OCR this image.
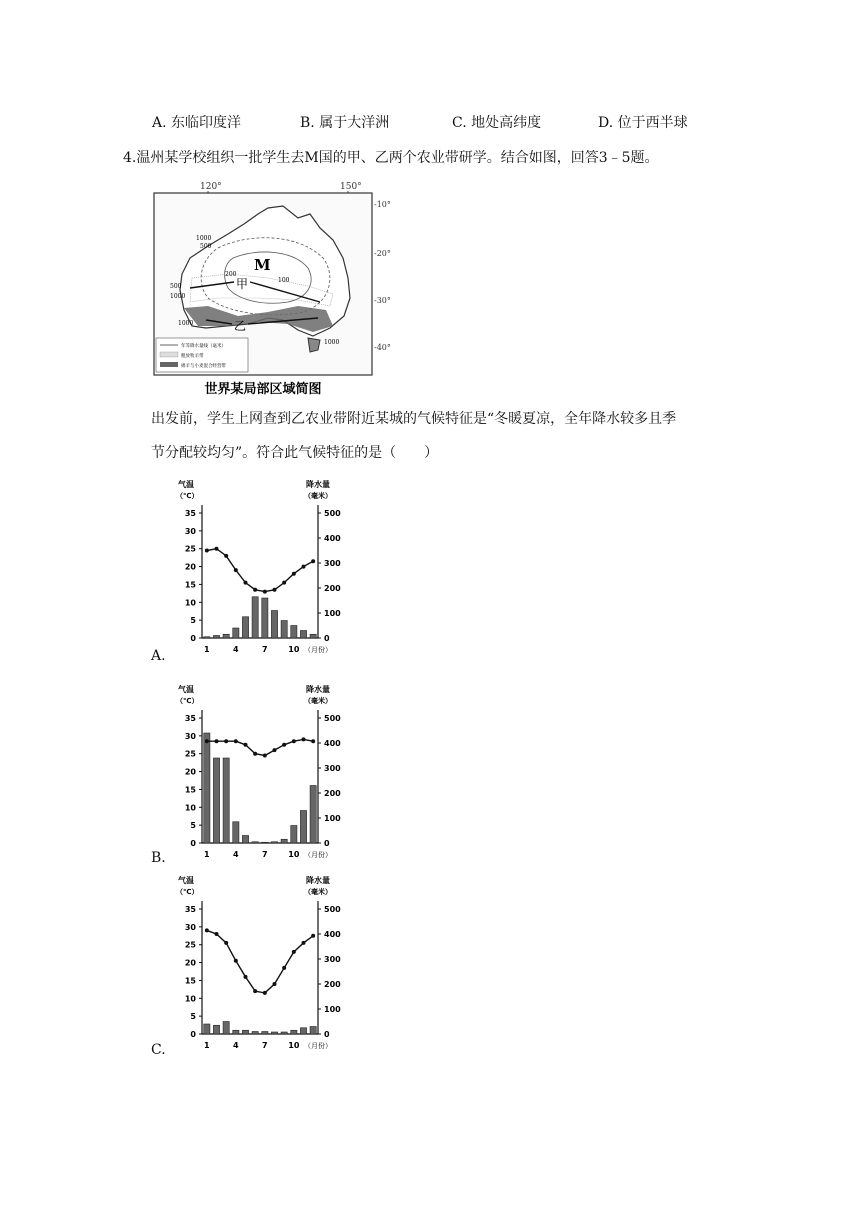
A. 东临印度洋	B. 属于大洋洲	C. 地处高纬度	D. 位于西半球
4.温州某学校组织一批学生去M国的甲、乙两个农业带研学。结合如图，回答3﹣5题。
120°	150°
-10°
-20°
-30°
-40°
M
甲
乙
1000
500
200
100
500
1000
1000
1000
年等降水量线（毫米）
粗放牧羊带
绵羊与小麦混合经营带
世界某局部区域简图
出发前，学生上网查到乙农业带附近某城的气候特征是“冬暖夏凉，全年降水较多且季
节分配较均匀”。符合此气候特征的是（　　）
气温
（℃）
降水量
（毫米）
0
5
10
15
20
25
30
35
0
100
200
300
400
500
1	4	7	10 （月份）
A.
气温
（℃）
降水量
（毫米）
0
5
10
15
20
25
30
35
0
100
200
300
400
500
1	4	7	10 （月份）
B.
气温
（℃）
降水量
（毫米）
0
5
10
15
20
25
30
35
0
100
200
300
400
500
1	4	7	10 （月份）
C.
